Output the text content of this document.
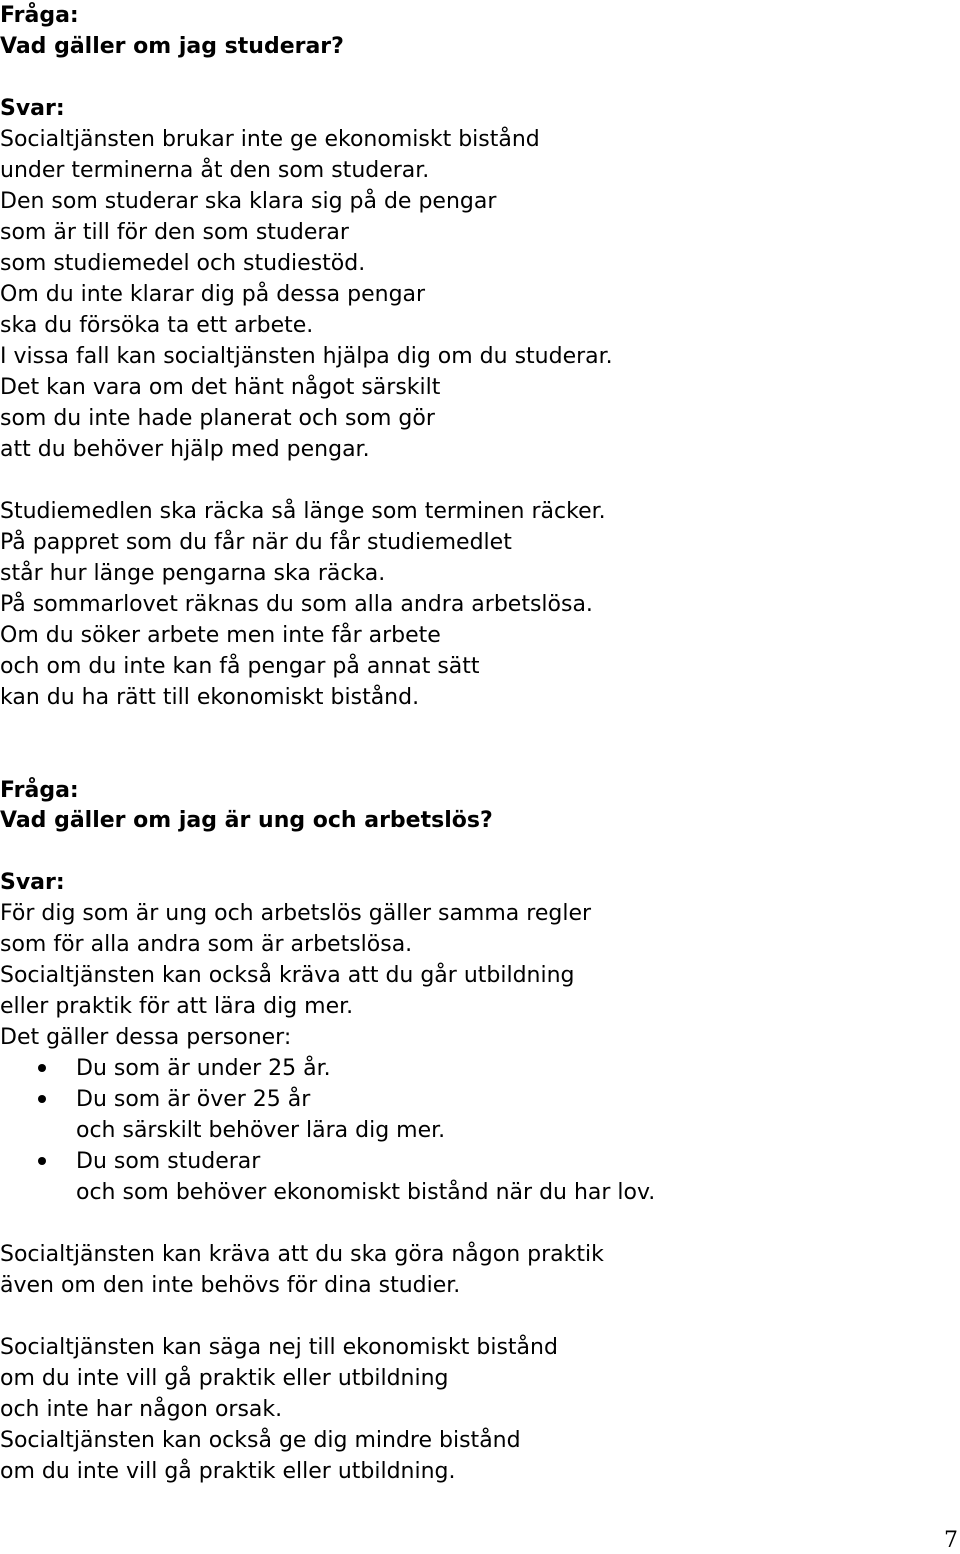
Fråga:
Vad gäller om jag studerar?
Svar:
Socialtjänsten brukar inte ge ekonomiskt bistånd
under terminerna åt den som studerar.
Den som studerar ska klara sig på de pengar
som är till för den som studerar
som studiemedel och studiestöd.
Om du inte klarar dig på dessa pengar
ska du försöka ta ett arbete.
I vissa fall kan socialtjänsten hjälpa dig om du studerar.
Det kan vara om det hänt något särskilt
som du inte hade planerat och som gör
att du behöver hjälp med pengar.
Studiemedlen ska räcka så länge som terminen räcker.
På pappret som du får när du får studiemedlet
står hur länge pengarna ska räcka.
På sommarlovet räknas du som alla andra arbetslösa.
Om du söker arbete men inte får arbete
och om du inte kan få pengar på annat sätt
kan du ha rätt till ekonomiskt bistånd.
Fråga:
Vad gäller om jag är ung och arbetslös?
Svar:
För dig som är ung och arbetslös gäller samma regler
som för alla andra som är arbetslösa.
Socialtjänsten kan också kräva att du går utbildning
eller praktik för att lära dig mer.
Det gäller dessa personer:
Du som är under 25 år.
Du som är över 25 år
och särskilt behöver lära dig mer.
Du som studerar
och som behöver ekonomiskt bistånd när du har lov.
Socialtjänsten kan kräva att du ska göra någon praktik
även om den inte behövs för dina studier.
Socialtjänsten kan säga nej till ekonomiskt bistånd
om du inte vill gå praktik eller utbildning
och inte har någon orsak.
Socialtjänsten kan också ge dig mindre bistånd
om du inte vill gå praktik eller utbildning.
7
